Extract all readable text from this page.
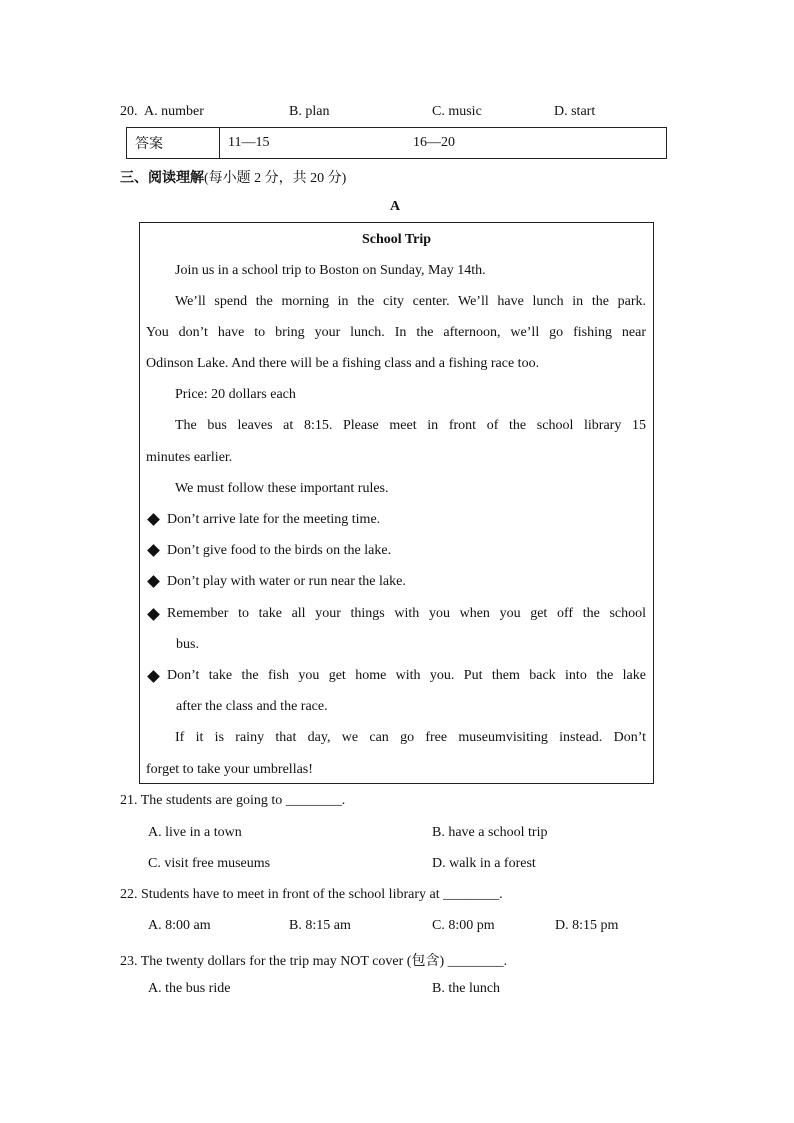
20. A. number	B. plan	C. music	D. start
答案	11—15	16—20
三、阅读理解(每小题 2 分，共 20 分)
A
School Trip
Join us in a school trip to Boston on Sunday, May 14th.
We’ll spend the morning in the city center. We’ll have lunch in the park.
You don’t have to bring your lunch. In the afternoon, we’ll go fishing near
Odinson Lake. And there will be a fishing class and a fishing race too.
Price: 20 dollars each
The bus leaves at 8:15. Please meet in front of the school library 15
minutes earlier.
We must follow these important rules.
Don’t arrive late for the meeting time.
Don’t give food to the birds on the lake.
Don’t play with water or run near the lake.
Remember to take all your things with you when you get off the school
bus.
Don’t take the fish you get home with you. Put them back into the lake
after the class and the race.
If it is rainy that day, we can go free museumvisiting instead. Don’t
forget to take your umbrellas!
21. The students are going to ________.
A. live in a town	B. have a school trip
C. visit free museums	D. walk in a forest
22. Students have to meet in front of the school library at ________.
A. 8:00 am	B. 8:15 am	C. 8:00 pm	D. 8:15 pm
23. The twenty dollars for the trip may NOT cover (包含) ________.
A. the bus ride	B. the lunch
